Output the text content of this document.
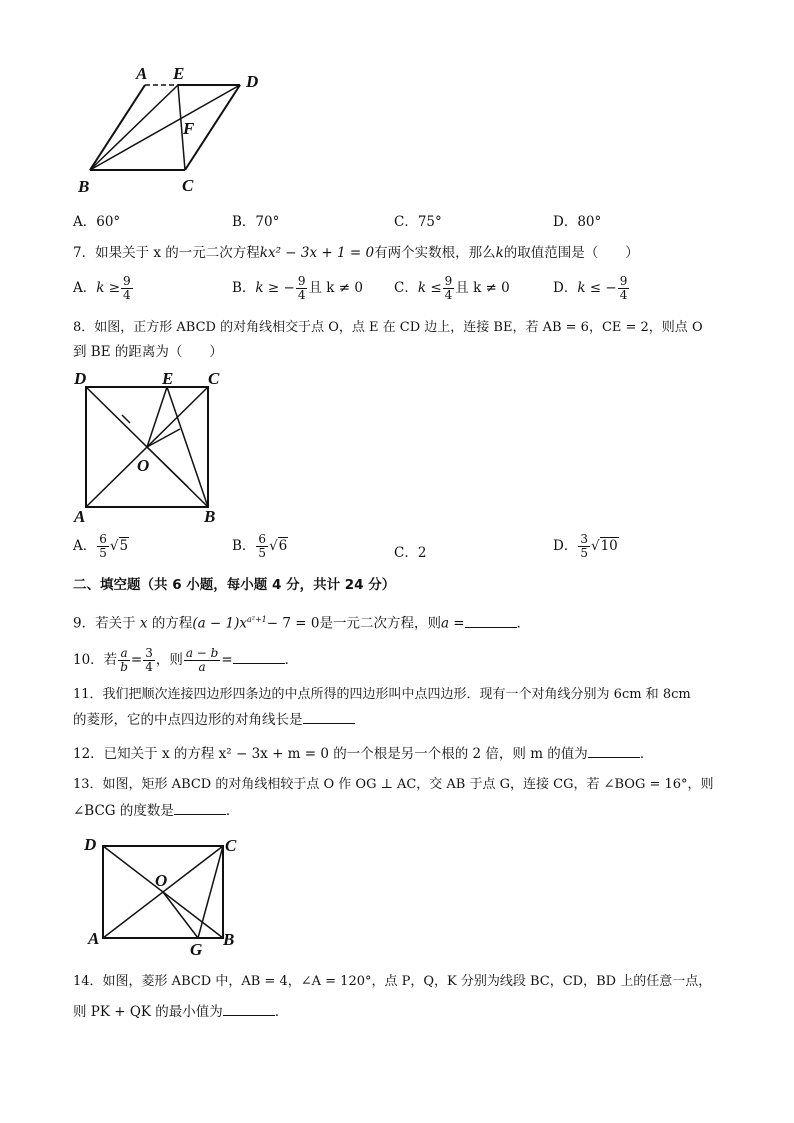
A E	D
F
B	C
A．60°	B．70°	C．75°	D．80°
7．如果关于 x 的一元二次方程kx² − 3x + 1 = 0有两个实数根，那么k的取值范围是（　　）
A．$k \ge \frac{9}{4}$	B．k ≥ − $\frac{9}{4}$ 且 k ≠ 0 C．$k \le \frac{9}{4}$ 且 k ≠ 0	D．k ≤ − $\frac{9}{4}$
8．如图，正方形 ABCD 的对角线相交于点 O，点 E 在 CD 边上，连接 BE，若 AB = 6，CE = 2，则点 O
到 BE 的距离为（　　）
D	E C
O
A	B
A． $\frac{6}{5} √5$	B． $\frac{6}{5} √6$	C．2	D． $\frac{3}{5} √10$
二、填空题（共 6 小题，每小题 4 分，共计 24 分）
9．若关于 x 的方程$(a - 1)x^{a^2+1}- 7 = 0$是一元二次方程，则a =	．
10．若 $\frac{a}{b} = \frac{3}{4}$ ，则 $\frac{a - b}{a}$ =	．
11．我们把顺次连接四边形四条边的中点所得的四边形叫中点四边形．现有一个对角线分别为 6cm 和 8cm
的菱形，它的中点四边形的对角线长是
12．已知关于 x 的方程 x² − 3x + m = 0 的一个根是另一个根的 2 倍，则 m 的值为	．
13．如图，矩形 ABCD 的对角线相较于点 O 作 OG ⊥ AC，交 AB 于点 G，连接 CG，若 ∠BOG = 16°，则
∠BCG 的度数是	．
D	C
O
A
G
B
14．如图，菱形 ABCD 中，AB = 4，∠A = 120°，点 P，Q，K 分别为线段 BC，CD，BD 上的任意一点，
则 PK + QK 的最小值为	．
